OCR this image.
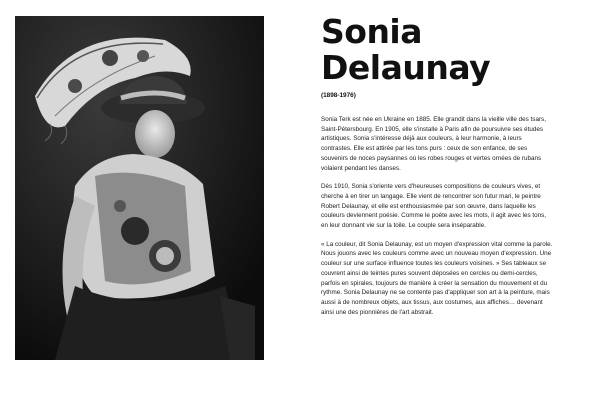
Sonia
Delaunay

(1898-1976)

Sonia Terk est née en Ukraine en 1885. Elle grandit dans la vieille ville des tsars, Saint-Pétersbourg. En 1905, elle s'installe à Paris afin de poursuivre ses études artistiques. Sonia s'intéresse déjà aux couleurs, à leur harmonie, à leurs contrastes. Elle est attirée par les tons purs : ceux de son enfance, de ses souvenirs de noces paysannes où les robes rouges et vertes ornées de rubans volaient pendant les danses.

Dès 1910, Sonia s'oriente vers d'heureuses compositions de couleurs vives, et cherche à en tirer un langage. Elle vient de rencontrer son futur mari, le peintre Robert Delaunay, et elle est enthousiasmée par son œuvre, dans laquelle les couleurs deviennent poésie. Comme le poète avec les mots, il agit avec les tons, en leur donnant vie sur la toile. Le couple sera inséparable.

« La couleur, dit Sonia Delaunay, est un moyen d'expression vital comme la parole. Nous jouons avec les couleurs comme avec un nouveau moyen d'expression. Une couleur sur une surface influence toutes les couleurs voisines. » Ses tableaux se couvrent ainsi de teintes pures souvent déposées en cercles ou demi-cercles, parfois en spirales, toujours de manière à créer la sensation du mouvement et du rythme. Sonia Delaunay ne se contente pas d'appliquer son art à la peinture, mais aussi à de nombreux objets, aux tissus, aux costumes, aux affiches… devenant ainsi une des pionnières de l'art abstrait.
